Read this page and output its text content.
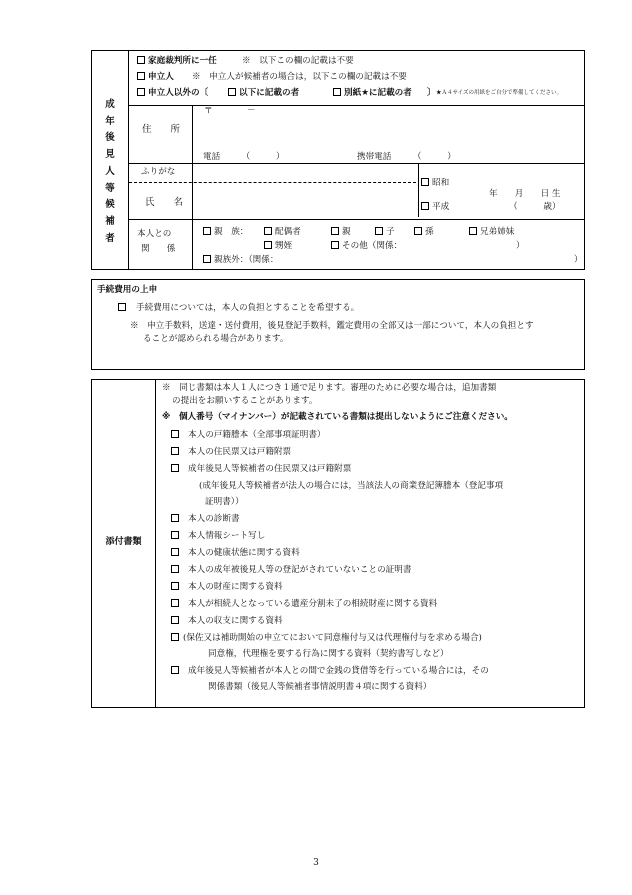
成
年
後
見
人
等
候
補
者
家庭裁判所に一任	※　以下この欄の記載は不要
申立人 ※　申立人が候補者の場合は，以下この欄の記載は不要
申立人以外の〔	以下に記載の者	別紙★に記載の者 〕 ★Ａ４サイズの用紙をご自分で準備してください。
住　　所
〒　　　　－
電話　　　（　　　）	携帯電話　　　（　　　）
ふりがな
氏　　名
昭和
平成
年　　月　　日 生
（　　　歳）
本人との
関　　係
親　族：	配偶者	親	子	孫	兄弟姉妹
甥姪	その他（関係：	）
親族外：（関係：	）
手続費用の上申
手続費用については，本人の負担とすることを希望する。
※　申立手数料，送達・送付費用，後見登記手数料，鑑定費用の全部又は一部について，本人の負担とす
ることが認められる場合があります。
添付書類
※　同じ書類は本人１人につき１通で足ります。審理のために必要な場合は，追加書類
の提出をお願いすることがあります。
※　個人番号（マイナンバー）が記載されている書類は提出しないようにご注意ください。
本人の戸籍謄本（全部事項証明書）
本人の住民票又は戸籍附票
成年後見人等候補者の住民票又は戸籍附票
(成年後見人等候補者が法人の場合には，当該法人の商業登記簿謄本（登記事項
証明書））
本人の診断書
本人情報シート写し
本人の健康状態に関する資料
本人の成年被後見人等の登記がされていないことの証明書
本人の財産に関する資料
本人が相続人となっている遺産分割未了の相続財産に関する資料
本人の収支に関する資料
(保佐又は補助開始の申立てにおいて同意権付与又は代理権付与を求める場合)
同意権，代理権を要する行為に関する資料（契約書写しなど）
成年後見人等候補者が本人との間で金銭の貸借等を行っている場合には，その
関係書類（後見人等候補者事情説明書４項に関する資料）
3
